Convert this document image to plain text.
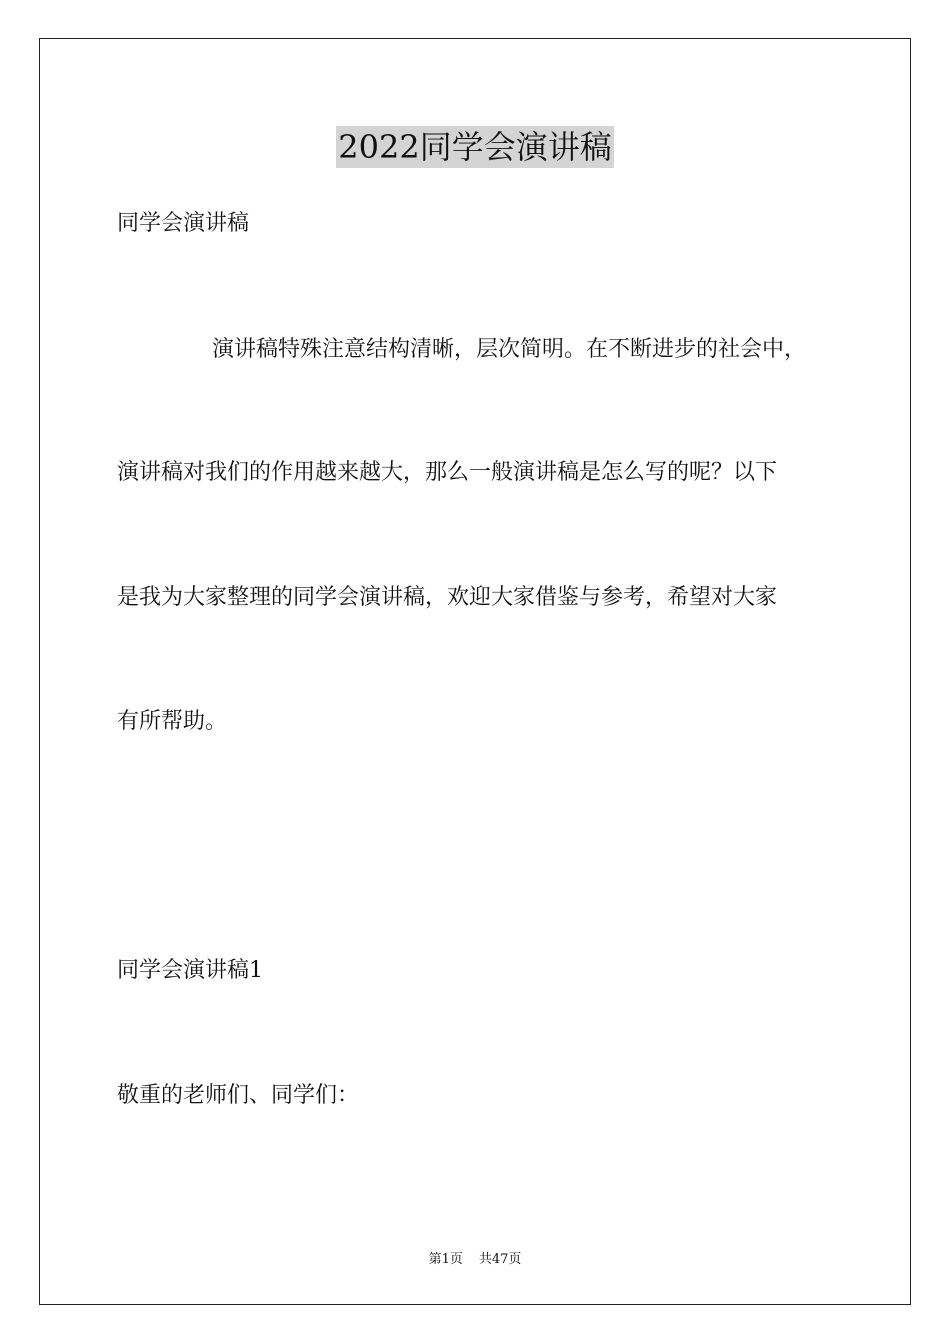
2022同学会演讲稿
同学会演讲稿
演讲稿特殊注意结构清晰，层次简明。在不断进步的社会中，
演讲稿对我们的作用越来越大，那么一般演讲稿是怎么写的呢？以下
是我为大家整理的同学会演讲稿，欢迎大家借鉴与参考，希望对大家
有所帮助。
同学会演讲稿1
敬重的老师们、同学们：
第1页 共47页
